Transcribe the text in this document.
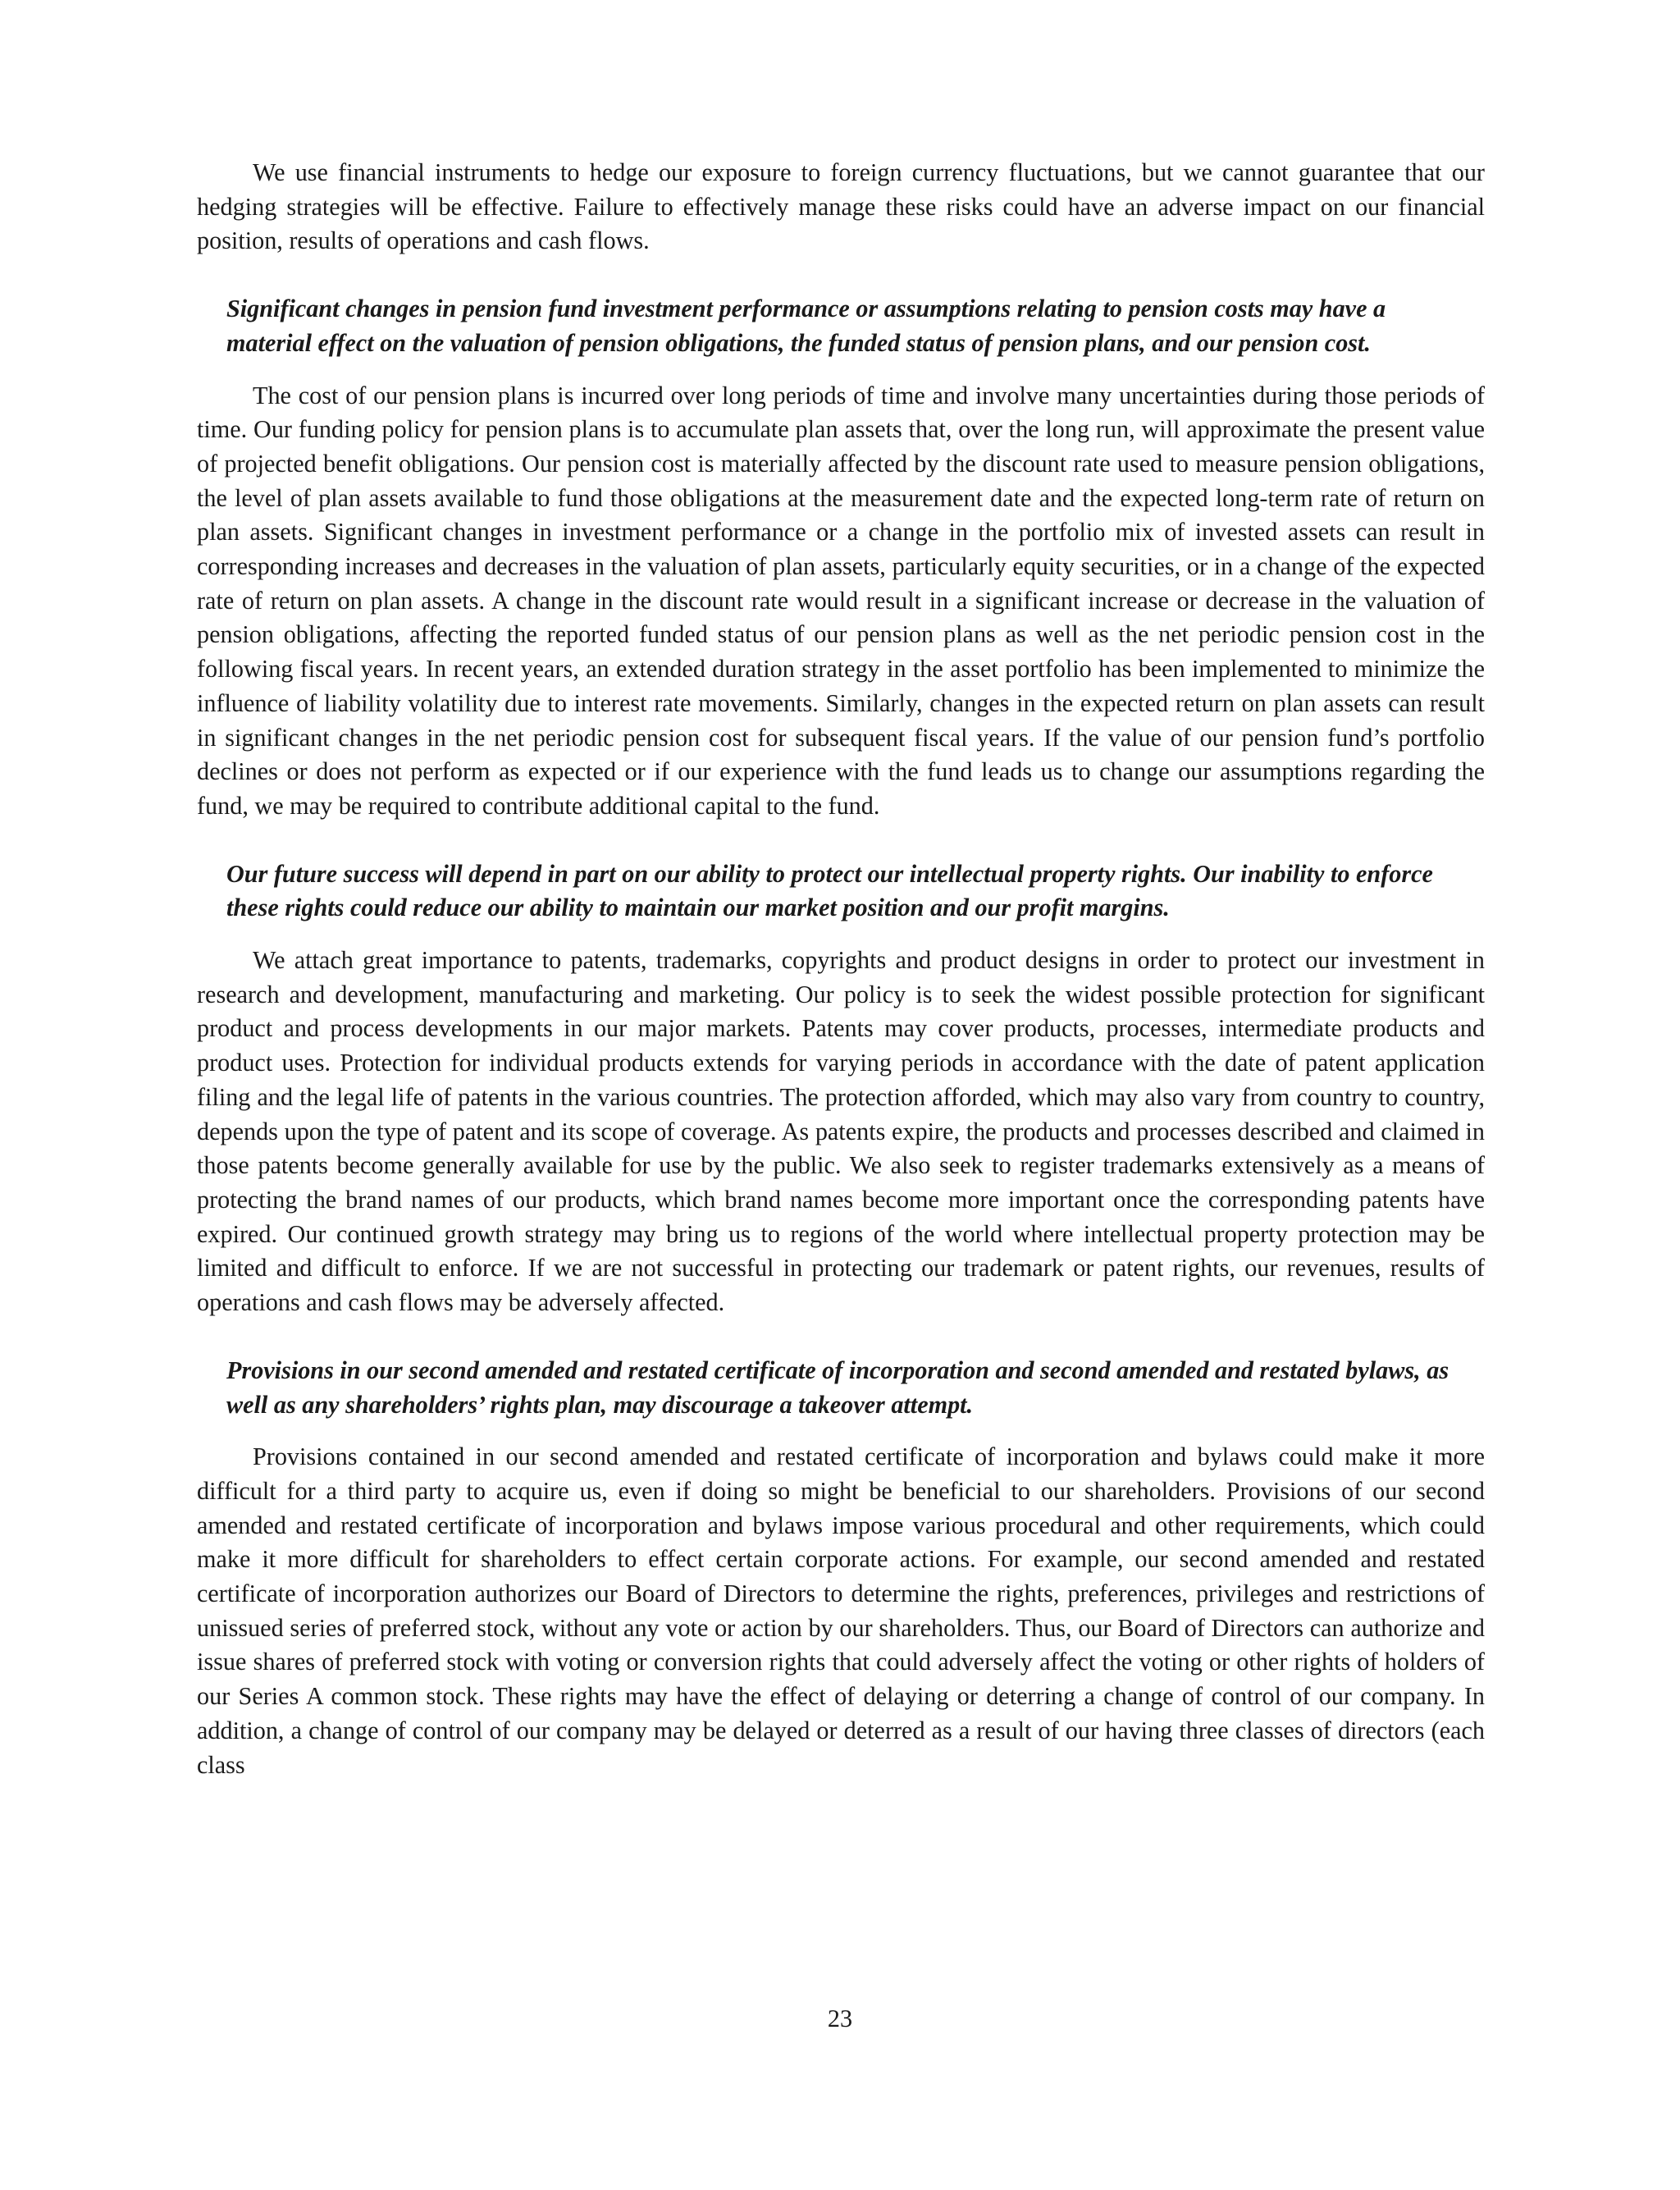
We use financial instruments to hedge our exposure to foreign currency fluctuations, but we cannot guarantee that our hedging strategies will be effective. Failure to effectively manage these risks could have an adverse impact on our financial position, results of operations and cash flows.

Significant changes in pension fund investment performance or assumptions relating to pension costs may have a material effect on the valuation of pension obligations, the funded status of pension plans, and our pension cost.

The cost of our pension plans is incurred over long periods of time and involve many uncertainties during those periods of time. Our funding policy for pension plans is to accumulate plan assets that, over the long run, will approximate the present value of projected benefit obligations. Our pension cost is materially affected by the discount rate used to measure pension obligations, the level of plan assets available to fund those obligations at the measurement date and the expected long-term rate of return on plan assets. Significant changes in investment performance or a change in the portfolio mix of invested assets can result in corresponding increases and decreases in the valuation of plan assets, particularly equity securities, or in a change of the expected rate of return on plan assets. A change in the discount rate would result in a significant increase or decrease in the valuation of pension obligations, affecting the reported funded status of our pension plans as well as the net periodic pension cost in the following fiscal years. In recent years, an extended duration strategy in the asset portfolio has been implemented to minimize the influence of liability volatility due to interest rate movements. Similarly, changes in the expected return on plan assets can result in significant changes in the net periodic pension cost for subsequent fiscal years. If the value of our pension fund’s portfolio declines or does not perform as expected or if our experience with the fund leads us to change our assumptions regarding the fund, we may be required to contribute additional capital to the fund.

Our future success will depend in part on our ability to protect our intellectual property rights. Our inability to enforce these rights could reduce our ability to maintain our market position and our profit margins.

We attach great importance to patents, trademarks, copyrights and product designs in order to protect our investment in research and development, manufacturing and marketing. Our policy is to seek the widest possible protection for significant product and process developments in our major markets. Patents may cover products, processes, intermediate products and product uses. Protection for individual products extends for varying periods in accordance with the date of patent application filing and the legal life of patents in the various countries. The protection afforded, which may also vary from country to country, depends upon the type of patent and its scope of coverage. As patents expire, the products and processes described and claimed in those patents become generally available for use by the public. We also seek to register trademarks extensively as a means of protecting the brand names of our products, which brand names become more important once the corresponding patents have expired. Our continued growth strategy may bring us to regions of the world where intellectual property protection may be limited and difficult to enforce. If we are not successful in protecting our trademark or patent rights, our revenues, results of operations and cash flows may be adversely affected.

Provisions in our second amended and restated certificate of incorporation and second amended and restated bylaws, as well as any shareholders’ rights plan, may discourage a takeover attempt.

Provisions contained in our second amended and restated certificate of incorporation and bylaws could make it more difficult for a third party to acquire us, even if doing so might be beneficial to our shareholders. Provisions of our second amended and restated certificate of incorporation and bylaws impose various procedural and other requirements, which could make it more difficult for shareholders to effect certain corporate actions. For example, our second amended and restated certificate of incorporation authorizes our Board of Directors to determine the rights, preferences, privileges and restrictions of unissued series of preferred stock, without any vote or action by our shareholders. Thus, our Board of Directors can authorize and issue shares of preferred stock with voting or conversion rights that could adversely affect the voting or other rights of holders of our Series A common stock. These rights may have the effect of delaying or deterring a change of control of our company. In addition, a change of control of our company may be delayed or deterred as a result of our having three classes of directors (each class

23
